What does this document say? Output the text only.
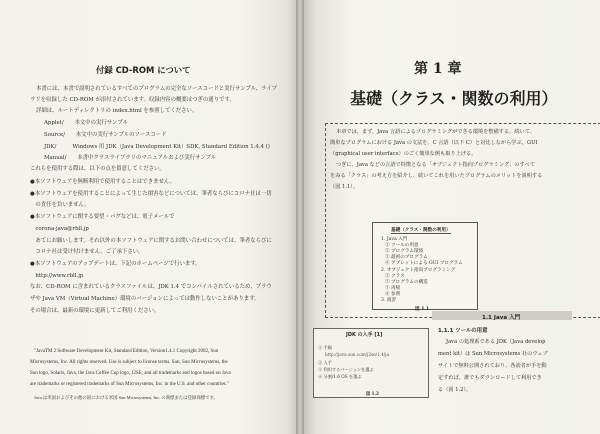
付録 CD-ROM について
本書には、本書で説明されているすべてのプログラムの完全なソースコードと実行サンプル、ライブ
ラリを収録した CD-ROM が添付されています。収録内容の概要はつぎの通りです。
詳細は、ルートディレクトリの index.html を参照してください。
Applet/　　本文中の実行サンプル
Source/　　本文中の実行サンプルのソースコード
JDK/　　　Windows 用 JDK（Java Development Kit）SDK, Standard Edition 1.4.4 ()
Manual/　　本書中クラスライブラリのマニュアルおよび実行サンプル
これらを使用する際は、以下の点を留意してください。
●本ソフトウェアを無断利用で使用することはできません。
●本ソフトウェアを使用することによって生じた損害などについては、筆者ならびにコロナ社は一切
　の責任を負いません。
●本ソフトウェアに関する要望・バグなどは、電子メールで
　corona-java@rbll.jp
　あてにお願いします。それ以外の本ソフトウェアに関するお問い合わせについては、筆者ならびに
　コロナ社は受け付けません。ご了承下さい。
●本ソフトウェアのアップデートは、下記のホームページで行います。
　http://www.rbll.jp
なお、CD-ROM に含まれているクラスファイルは、JDK 1.4 でコンパイルされているため、ブラウ
ザや Java VM（Virtual Machine）環境のバージョンによっては動作しないことがあります。
その場合は、最新の環境に更新してご利用ください。
"JavaTM 2 Software Development Kit, Standard Edition, Version1.4.1 Copyright 2002, Sun
Microsystems, Inc. All rights reserved. Use is subject to license terms. Sun, Sun Microsystems, the
Sun logo, Solaris, Java, the Java Coffee Cup logo, J2SE, and all trademarks and logos based on Java
are trademarks or registered trademarks of Sun Microsystems, Inc. in the U.S. and other countries."
Java は米国およびその他の国における米国 Sun Microsystems, Inc. の商標または登録商標です。
第 1 章
基礎（クラス・関数の利用）
本章では、まず、Java 言語によるプログラミングができる環境を整備する。続いて、
簡単なプログラムにおける Java の文法を、C 言語（以下 C）と対比しながら学ぶ。GUI
（graphical user interface）のごく簡単な例も取り上げる。
つぎに、Java などの言語で特徴となる「オブジェクト指向プログラミング」のすべて
をみる「クラス」の考え方を紹介し、続いてこれを用いたプログラムのメリットを説明する
（図 1.1）。
基礎（クラス・関数の利用）
1. Java 入門
① ツールの用意
② プログラム環境
③ 最初のプログラム
④ アプレットによる GUI プログラム
2. オブジェクト指向プログラミング
① クラス
② プログラムの構造
③ 再帰
④ 参照
3. 演習
図 1.1
1.1 Java 入門
1.1.1 ツールの用意
Java の処理系である JDK（Java develop
ment kit）は Sun Microsystems 社のウェブ
サイトで無料公開されており、各読者が手を動
定すれば、誰でもダウンロードして利用でき
る（図 1.2）。
JDK の入手 [1]
① 手順
http://java.sun.com/j2se/1.4/ja
② 入手
③ 利用するバージョンを選ぶ
④ 分割/1.6 OS を選ぶ
図 1.2
